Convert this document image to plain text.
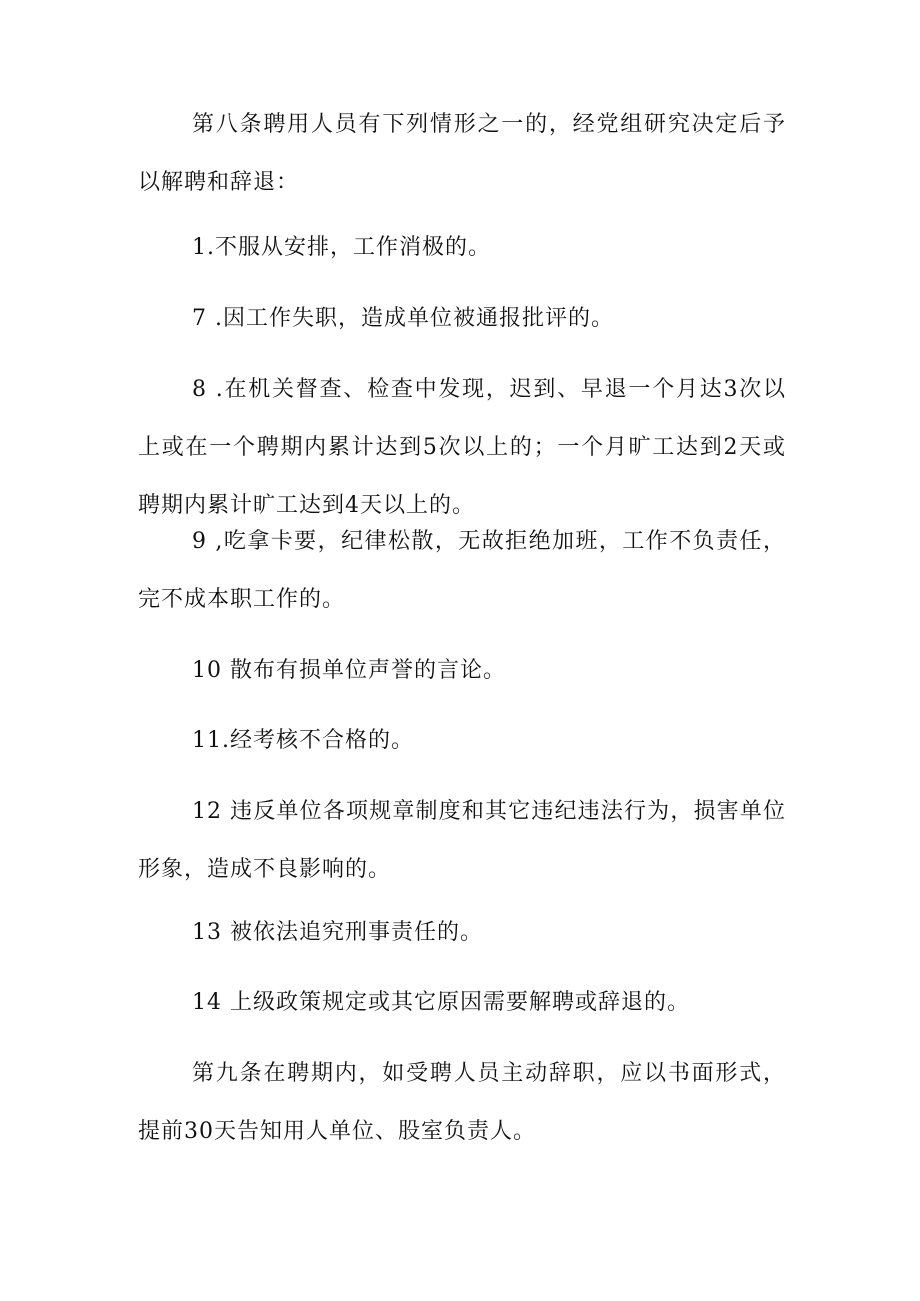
第八条聘用人员有下列情形之一的，经党组研究决定后予以解聘和辞退：

1.不服从安排，工作消极的。

7 .因工作失职，造成单位被通报批评的。

8 .在机关督查、检查中发现，迟到、早退一个月达3次以上或在一个聘期内累计达到5次以上的；一个月旷工达到2天或聘期内累计旷工达到4天以上的。

9 ,吃拿卡要，纪律松散，无故拒绝加班，工作不负责任，完不成本职工作的。

10 散布有损单位声誉的言论。

11.经考核不合格的。

12 违反单位各项规章制度和其它违纪违法行为，损害单位形象，造成不良影响的。

13 被依法追究刑事责任的。

14 上级政策规定或其它原因需要解聘或辞退的。

第九条在聘期内，如受聘人员主动辞职，应以书面形式，提前30天告知用人单位、股室负责人。
